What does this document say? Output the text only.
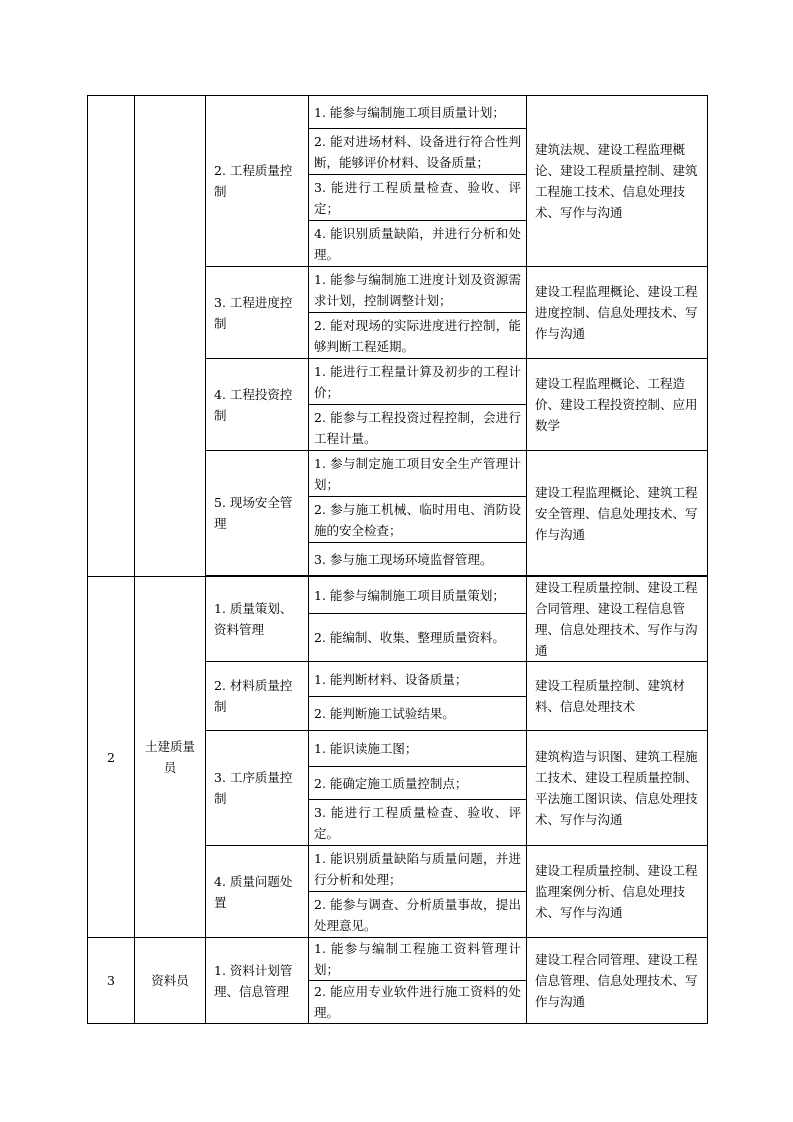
		2. 工程质量控制	1. 能参与编制施工项目质量计划；	建筑法规、建设工程监理概论、建设工程质量控制、建筑工程施工技术、信息处理技术、写作与沟通
			2. 能对进场材料、设备进行符合性判断，能够评价材料、设备质量；	
			3. 能进行工程质量检查、验收、评定；	
			4. 能识别质量缺陷，并进行分析和处理。	
		3. 工程进度控制	1. 能参与编制施工进度计划及资源需求计划，控制调整计划；	建设工程监理概论、建设工程进度控制、信息处理技术、写作与沟通
			2. 能对现场的实际进度进行控制，能够判断工程延期。	
		4. 工程投资控制	1. 能进行工程量计算及初步的工程计价；	建设工程监理概论、工程造价、建设工程投资控制、应用数学
			2. 能参与工程投资过程控制，会进行工程计量。	
		5. 现场安全管理	1. 参与制定施工项目安全生产管理计划；	建设工程监理概论、建筑工程安全管理、信息处理技术、写作与沟通
			2. 参与施工机械、临时用电、消防设施的安全检查；	
			3. 参与施工现场环境监督管理。	

2	土建质量员	1. 质量策划、资料管理	1. 能参与编制施工项目质量策划；	建设工程质量控制、建设工程合同管理、建设工程信息管理、信息处理技术、写作与沟通
			2. 能编制、收集、整理质量资料。	
		2. 材料质量控制	1. 能判断材料、设备质量；	建设工程质量控制、建筑材料、信息处理技术
			2. 能判断施工试验结果。	
		3. 工序质量控制	1. 能识读施工图；	建筑构造与识图、建筑工程施工技术、建设工程质量控制、平法施工图识读、信息处理技术、写作与沟通
			2. 能确定施工质量控制点；	
			3. 能进行工程质量检查、验收、评定。	
		4. 质量问题处置	1. 能识别质量缺陷与质量问题，并进行分析和处理；	建设工程质量控制、建设工程监理案例分析、信息处理技术、写作与沟通
			2. 能参与调查、分析质量事故，提出处理意见。	
3	资料员	1. 资料计划管理、信息管理	1. 能参与编制工程施工资料管理计划；	建设工程合同管理、建设工程信息管理、信息处理技术、写作与沟通
			2. 能应用专业软件进行施工资料的处理。	
